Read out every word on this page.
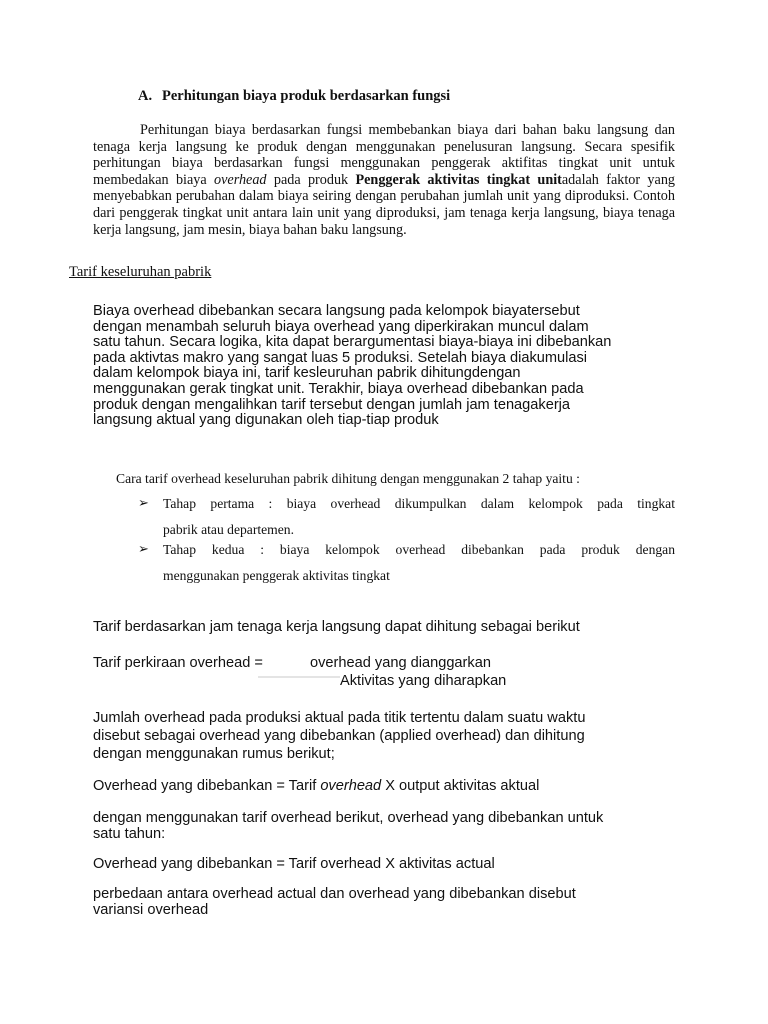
A. Perhitungan biaya produk berdasarkan fungsi
Perhitungan biaya berdasarkan fungsi membebankan biaya dari bahan baku langsung dan tenaga kerja langsung ke produk dengan menggunakan penelusuran langsung. Secara spesifik perhitungan biaya berdasarkan fungsi menggunakan penggerak aktifitas tingkat unit untuk membedakan biaya overhead pada produk Penggerak aktivitas tingkat unitadalah faktor yang menyebabkan perubahan dalam biaya seiring dengan perubahan jumlah unit yang diproduksi. Contoh dari penggerak tingkat unit antara lain unit yang diproduksi, jam tenaga kerja langsung, biaya tenaga kerja langsung, jam mesin, biaya bahan baku langsung.
Tarif keseluruhan pabrik
Biaya overhead dibebankan secara langsung pada kelompok biayatersebut
dengan menambah seluruh biaya overhead yang diperkirakan muncul dalam
satu tahun. Secara logika, kita dapat berargumentasi biaya-biaya ini dibebankan
pada aktivtas makro yang sangat luas 5 produksi. Setelah biaya diakumulasi
dalam kelompok biaya ini, tarif kesleuruhan pabrik dihitungdengan
menggunakan gerak tingkat unit. Terakhir, biaya overhead dibebankan pada
produk dengan mengalihkan tarif tersebut dengan jumlah jam tenagakerja
langsung aktual yang digunakan oleh tiap-tiap produk
Cara tarif overhead keseluruhan pabrik dihitung dengan menggunakan 2 tahap yaitu :
➢ Tahap pertama : biaya overhead dikumpulkan dalam kelompok pada tingkat
pabrik atau departemen.
➢ Tahap kedua : biaya kelompok overhead dibebankan pada produk dengan
menggunakan penggerak aktivitas tingkat
Tarif berdasarkan jam tenaga kerja langsung dapat dihitung sebagai berikut
Tarif perkiraan overhead =	overhead yang dianggarkan
Aktivitas yang diharapkan
Jumlah overhead pada produksi aktual pada titik tertentu dalam suatu waktu
disebut sebagai overhead yang dibebankan (applied overhead) dan dihitung
dengan menggunakan rumus berikut;
Overhead yang dibebankan = Tarif overhead X output aktivitas aktual
dengan menggunakan tarif overhead berikut, overhead yang dibebankan untuk
satu tahun:
Overhead yang dibebankan = Tarif overhead X aktivitas actual
perbedaan antara overhead actual dan overhead yang dibebankan disebut
variansi overhead
